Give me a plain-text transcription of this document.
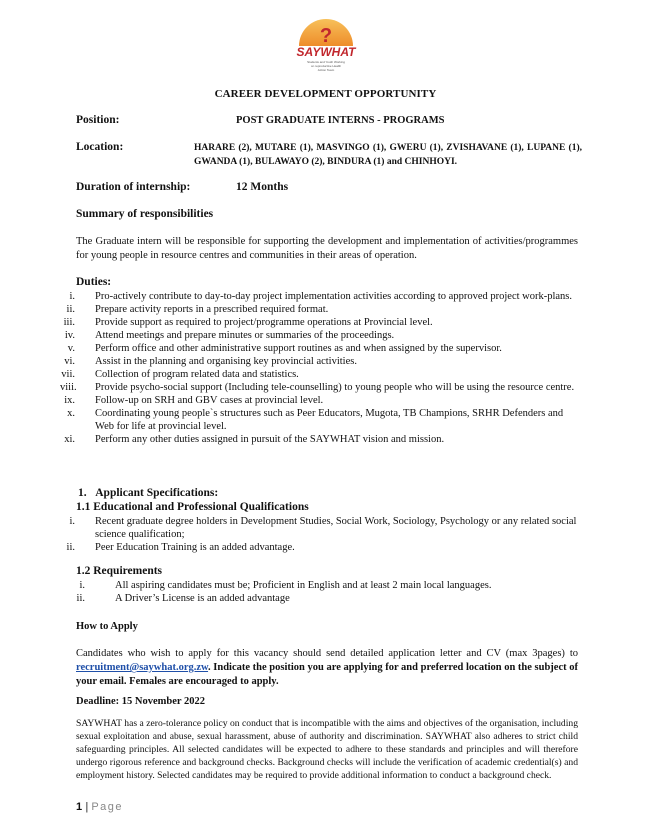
?
SAYWHAT
Students and Youth Working
on reproductive Health
Action Team
CAREER DEVELOPMENT OPPORTUNITY
Position:	POST GRADUATE INTERNS - PROGRAMS
Location:	HARARE (2), MUTARE (1), MASVINGO (1), GWERU (1), ZVISHAVANE (1), LUPANE (1), GWANDA (1), BULAWAYO (2), BINDURA (1) and CHINHOYI.
Duration of internship:	12 Months
Summary of responsibilities
The Graduate intern will be responsible for supporting the development and implementation of activities/programmes for young people in resource centres and communities in their areas of operation.
Duties:
i. Pro-actively contribute to day-to-day project implementation activities according to approved project work-plans.
ii. Prepare activity reports in a prescribed required format.
iii. Provide support as required to project/programme operations at Provincial level.
iv. Attend meetings and prepare minutes or summaries of the proceedings.
v. Perform office and other administrative support routines as and when assigned by the supervisor.
vi. Assist in the planning and organising key provincial activities.
vii. Collection of program related data and statistics.
viii. Provide psycho-social support (Including tele-counselling) to young people who will be using the resource centre.
ix. Follow-up on SRH and GBV cases at provincial level.
x. Coordinating young people`s structures such as Peer Educators, Mugota, TB Champions, SRHR Defenders and Web for life at provincial level.
xi. Perform any other duties assigned in pursuit of the SAYWHAT vision and mission.
1. Applicant Specifications:
1.1 Educational and Professional Qualifications
i. Recent graduate degree holders in Development Studies, Social Work, Sociology, Psychology or any related social science qualification;
ii. Peer Education Training is an added advantage.
1.2 Requirements
i.	All aspiring candidates must be; Proficient in English and at least 2 main local languages.
ii.	A Driver’s License is an added advantage
How to Apply
Candidates who wish to apply for this vacancy should send detailed application letter and CV (max 3pages) to recruitment@saywhat.org.zw. Indicate the position you are applying for and preferred location on the subject of your email. Females are encouraged to apply.
Deadline: 15 November 2022
SAYWHAT has a zero-tolerance policy on conduct that is incompatible with the aims and objectives of the organisation, including sexual exploitation and abuse, sexual harassment, abuse of authority and discrimination. SAYWHAT also adheres to strict child safeguarding principles. All selected candidates will be expected to adhere to these standards and principles and will therefore undergo rigorous reference and background checks. Background checks will include the verification of academic credential(s) and employment history. Selected candidates may be required to provide additional information to conduct a background check.
1 | Page
